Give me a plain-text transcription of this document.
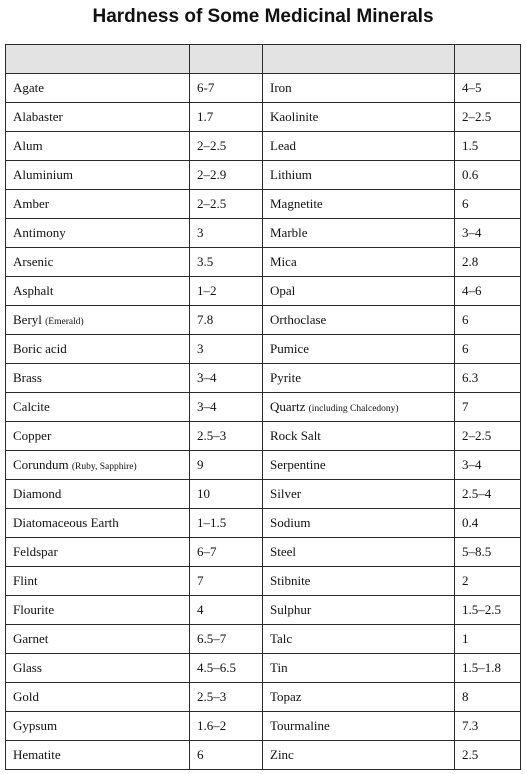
Hardness of Some Medicinal Minerals

Agate	6-7	Iron	4–5
Alabaster	1.7	Kaolinite	2–2.5
Alum	2–2.5	Lead	1.5
Aluminium	2–2.9	Lithium	0.6
Amber	2–2.5	Magnetite	6
Antimony	3	Marble	3–4
Arsenic	3.5	Mica	2.8
Asphalt	1–2	Opal	4–6
Beryl (Emerald)	7.8	Orthoclase	6
Boric acid	3	Pumice	6
Brass	3–4	Pyrite	6.3
Calcite	3–4	Quartz (including Chalcedony)	7
Copper	2.5–3	Rock Salt	2–2.5
Corundum (Ruby, Sapphire)	9	Serpentine	3–4
Diamond	10	Silver	2.5–4
Diatomaceous Earth	1–1.5	Sodium	0.4
Feldspar	6–7	Steel	5–8.5
Flint	7	Stibnite	2
Flourite	4	Sulphur	1.5–2.5
Garnet	6.5–7	Talc	1
Glass	4.5–6.5	Tin	1.5–1.8
Gold	2.5–3	Topaz	8
Gypsum	1.6–2	Tourmaline	7.3
Hematite	6	Zinc	2.5
